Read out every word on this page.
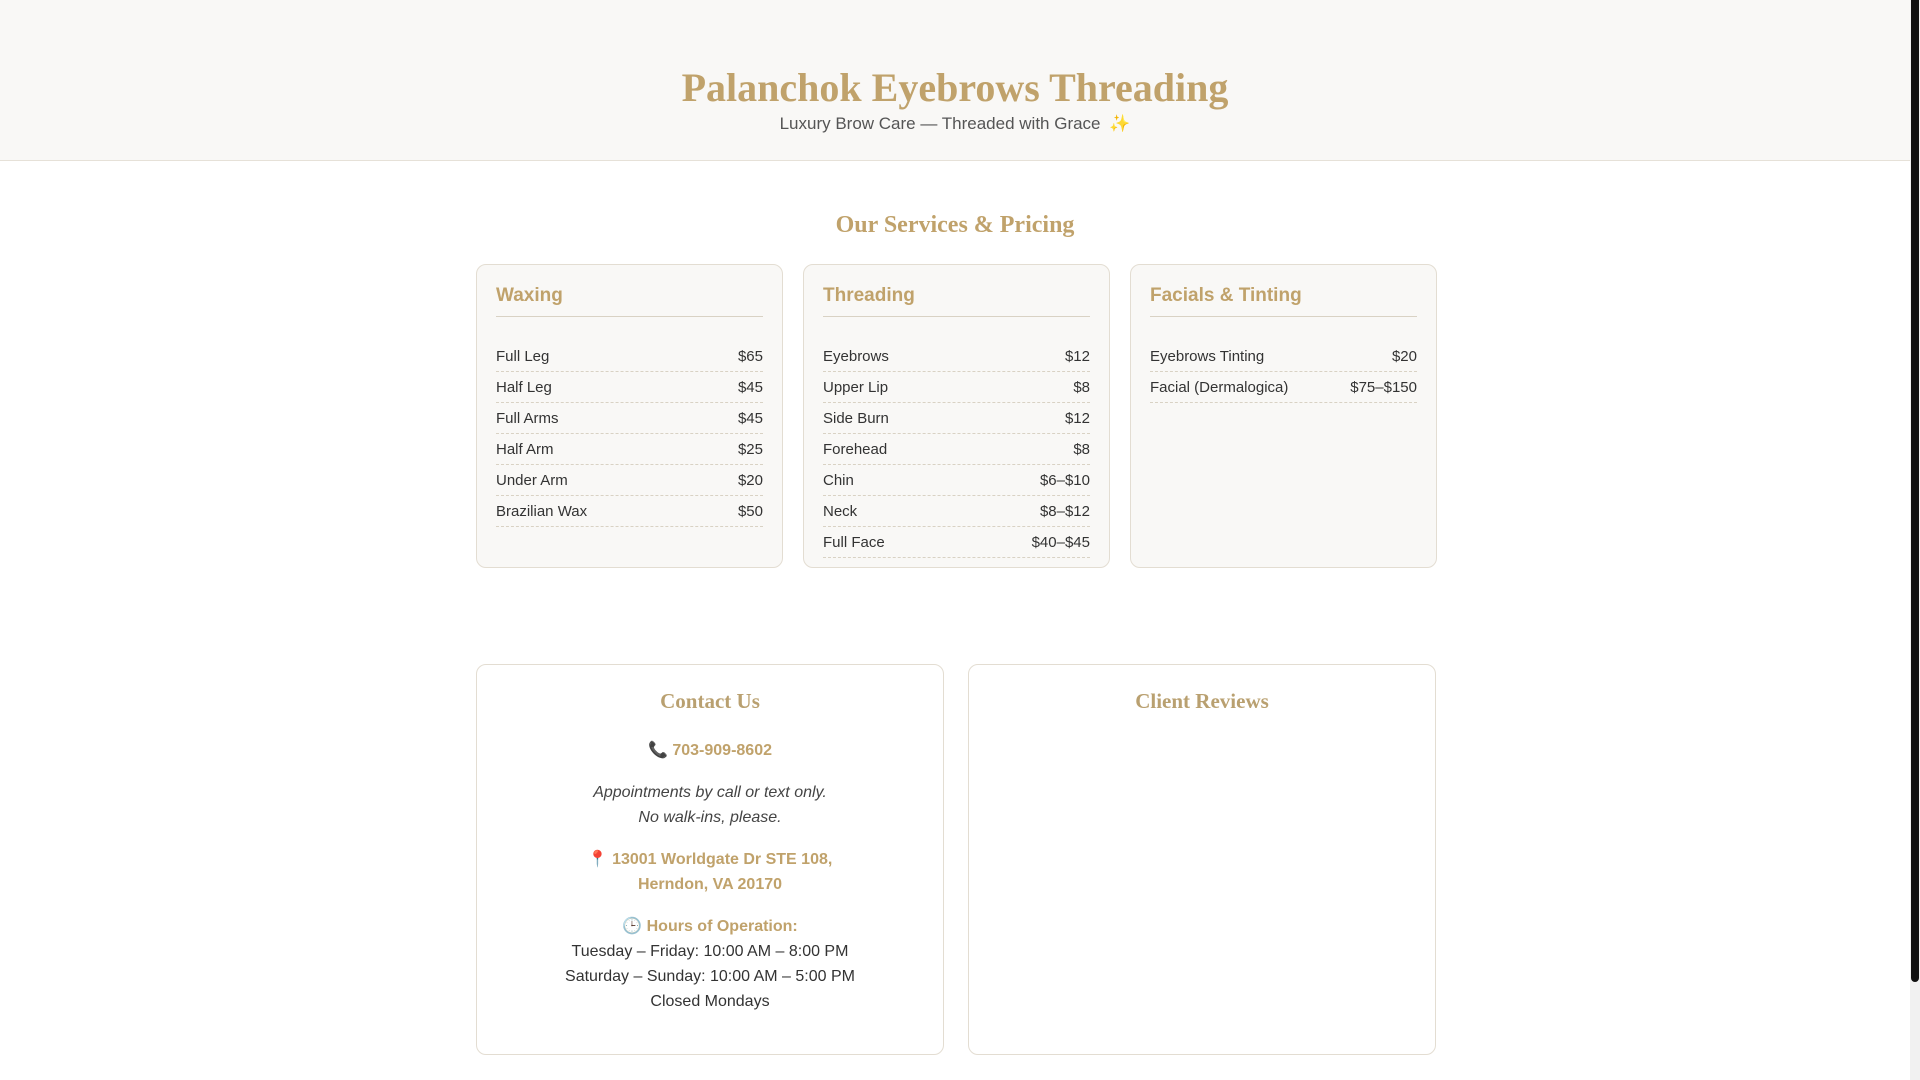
Palanchok Eyebrows Threading
Luxury Brow Care — Threaded with Grace ✨
Our Services & Pricing
Waxing
Full Leg	$65
Half Leg	$45
Full Arms	$45
Half Arm	$25
Under Arm	$20
Brazilian Wax	$50
Threading
Eyebrows	$12
Upper Lip	$8
Side Burn	$12
Forehead	$8
Chin	$6–$10
Neck	$8–$12
Full Face	$40–$45
Facials & Tinting
Eyebrows Tinting	$20
Facial (Dermalogica)	$75–$150
Contact Us
📞 703-909-8602
Appointments by call or text only.
No walk-ins, please.
📍 13001 Worldgate Dr STE 108,
Herndon, VA 20170
🕒 Hours of Operation:
Tuesday – Friday: 10:00 AM – 8:00 PM
Saturday – Sunday: 10:00 AM – 5:00 PM
Closed Mondays
Client Reviews
